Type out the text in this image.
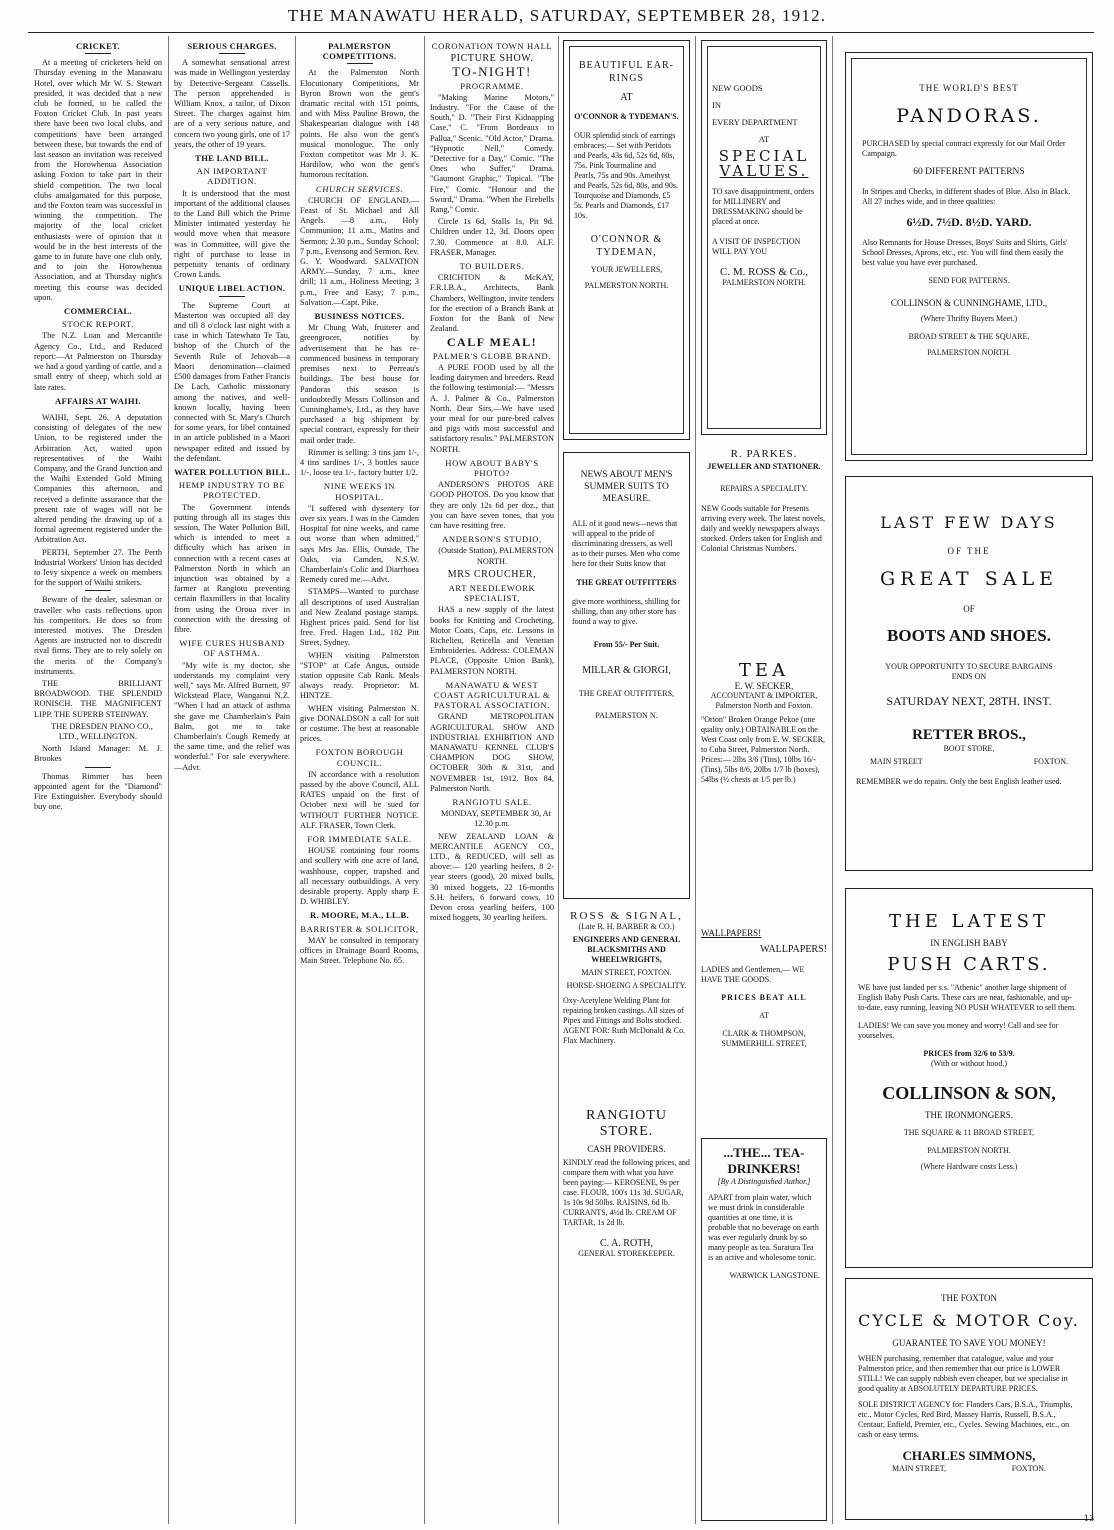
THE MANAWATU HERALD, SATURDAY, SEPTEMBER 28, 1912.
CRICKET.

At a meeting of cricketers held on Thursday evening in the Manawatu Hotel, over which Mr W. S. Stewart presided, it was decided that a new club be formed, to be called the Foxton Cricket Club. In past years there have been two local clubs, and competitions have been arranged between these, but towards the end of last season an invitation was received from the Horowhenua Association asking Foxton to take part in their shield competition. The two local clubs amalgamated for this purpose, and the Foxton team was successful in winning the competition. The majority of the local cricket enthusiasts were of opinion that it would be in the best interests of the game to in future have one club only, and to join the Horowhenua Association, and at Thursday night's meeting this course was decided upon.

COMMERCIAL.
STOCK REPORT.

The N.Z. Loan and Mercantile Agency Co., Ltd., and Reduced report:—At Palmerston on Thursday we had a good yarding of cattle, and a small entry of sheep, which sold at late rates.

AFFAIRS AT WAIHI.

WAIHI, Sept. 26. A deputation consisting of delegates of the new Union, to be registered under the Arbitration Act, waited upon representatives of the Waihi Company, and the Grand Junction and the Waihi Extended Gold Mining Companies this afternoon, and received a definite assurance that the present rate of wages will not be altered pending the drawing up of a formal agreement registered under the Arbitration Act.

PERTH, September 27. The Perth Industrial Workers' Union has decided to levy sixpence a week on members for the support of Waihi strikers.

Beware of the dealer, salesman or traveller who casts reflections upon his competitors. He does so from interested motives. The Dresden Agents are instructed not to discredit rival firms. They are to rely solely on the merits of the Company's instruments.

THE BRILLIANT BROADWOOD. THE SPLENDID RONISCH. THE MAGNIFICENT LIPP. THE SUPERB STEINWAY.

THE DRESDEN PIANO CO., LTD., WELLINGTON.

North Island Manager: M. J. Brookes

Thomas Rimmer has been appointed agent for the "Diamond" Fire Extinguisher. Everybody should buy one.

SERIOUS CHARGES.

A somewhat sensational arrest was made in Wellington yesterday by Detective-Sergeant Cassells. The person apprehended is William Knox, a tailor, of Dixon Street. The charges against him are of a very serious nature, and concern two young girls, one of 17 years, the other of 19 years.

THE LAND BILL.
AN IMPORTANT ADDITION.

It is understood that the most important of the additional clauses to the Land Bill which the Prime Minister intimated yesterday he would move when that measure was in Committee, will give the right of purchase to lease in perpetuity tenants of ordinary Crown Lands.

UNIQUE LIBEL ACTION.

The Supreme Court at Masterton was occupied all day and till 8 o'clock last night with a case in which Tatewhato Te Tau, bishop of the Church of the Seventh Rule of Jehovah—a Maori denomination—claimed £500 damages from Father Francis De Lach, Catholic missionary among the natives, and well-known locally, having been connected with St. Mary's Church for some years, for libel contained in an article published in a Maori newspaper edited and issued by the defendant.

WATER POLLUTION BILL.
HEMP INDUSTRY TO BE PROTECTED.

The Government intends putting through all its stages this session, The Water Pollution Bill, which is intended to meet a difficulty which has arisen in connection with a recent cases at Palmerston North in which an injunction was obtained by a farmer at Rangiotu preventing certain flaxmillers in that locality from using the Oroua river in connection with the dressing of fibre.

WIFE CURES HUSBAND OF ASTHMA.

"My wife is my doctor, she understands my complaint very well," says Mr. Alfred Burnett, 97 Wickstead Place, Wanganui N.Z. "When I had an attack of asthma she gave me Chamberlain's Pain Balm, got me to take Chamberlain's Cough Remedy at the same time, and the relief was wonderful." For sale everywhere.—Advt.

PALMERSTON COMPETITIONS.

At the Palmerston North Elocutionary Competitions, Mr Byron Brown won the gent's dramatic recital with 151 points, and with Miss Pauline Brown, the Shakespearian dialogue with 148 points. He also won the gent's musical monologue. The only Foxton competitor was Mr J. K. Hardilow, who won the gent's humorous recitation.

CHURCH SERVICES.

CHURCH OF ENGLAND.—Feast of St. Michael and All Angels. —8 a.m., Holy Communion; 11 a.m., Matins and Sermon; 2.30 p.m., Sunday School; 7 p.m., Evensong and Sermon. Rev. G. Y. Woodward. SALVATION ARMY.—Sunday, 7 a.m., knee drill; 11 a.m., Holiness Meeting; 3 p.m., Free and Easy; 7 p.m., Salvation.—Capt. Pike.

BUSINESS NOTICES.

Mr Chung Wah, fruiterer and greengrocer, notifies by advertisement that he has re-commenced business in temporary premises next to Perreau's buildings. The best house for Pandoras this season is undoubtedly Messrs Collinson and Cunninghame's, Ltd., as they have purchased a big shipment by special contract, expressly for their mail order trade.

Rimmer is selling: 3 tins jam 1/-, 4 tins sardines 1/-, 3 bottles sauce 1/-, loose tea 1/-, factory butter 1/2.

NINE WEEKS IN HOSPITAL.

"I suffered with dysentery for over six years. I was in the Camden Hospital for nine weeks, and came out worse than when admitted," says Mrs Jas. Ellis, Outside, The Oaks, via Camden, N.S.W. Chamberlain's Colic and Diarrhoea Remedy cured me.—Advt.

STAMPS—Wanted to purchase all descriptions of used Australian and New Zealand postage stamps. Highest prices paid. Send for list free. Fred. Hagen Ltd., 182 Pitt Street, Sydney.

WHEN visiting Palmerston "STOP" at Cafe Angus, outside station opposite Cab Rank. Meals always ready. Proprietor: M. HINTZE.

WHEN visiting Palmerston N. give DONALDSON a call for suit or costume. The best at reasonable prices.

FOXTON BOROUGH COUNCIL.

IN accordance with a resolution passed by the above Council, ALL RATES unpaid on the first of October next will be sued for WITHOUT FURTHER NOTICE. ALF. FRASER, Town Clerk.

FOR IMMEDIATE SALE.

HOUSE containing four rooms and scullery with one acre of land, washhouse, copper, trapshed and all necessary outbuildings. A very desirable property. Apply sharp F. D. WHIBLEY.

R. MOORE, M.A., LL.B.
BARRISTER & SOLICITOR,

MAY be consulted in temporary offices in Drainage Board Rooms, Main Street. Telephone No. 65.

CORONATION TOWN HALL
PICTURE SHOW.
TO-NIGHT!
PROGRAMME.

"Making Marine Motors," Industry. "For the Cause of the South," D. "Their First Kidnapping Case," C. "From Bordeaux to Pallua," Scenic. "Old Actor," Drama. "Hypnotic Nell," Comedy. "Detective for a Day," Comic. "The Ones who Suffer," Drama. "Gaumont Graphic," Topical. "The Fire," Comic. "Honour and the Sword," Drama. "When the Firebells Rang," Comic.

Circle 1s 6d, Stalls 1s, Pit 9d. Children under 12, 3d. Doors open 7.30. Commence at 8.0. ALF. FRASER, Manager.

TO BUILDERS.

CRICHTON & McKAY, F.R.I.B.A., Architects, Bank Chambers, Wellington, invite tenders for the erection of a Branch Bank at Foxton for the Bank of New Zealand.

CALF MEAL!
PALMER'S GLOBE BRAND.

A PURE FOOD used by all the leading dairymen and breeders. Read the following testimonial:— "Messrs A. J. Palmer & Co., Palmerston North. Dear Sirs,—We have used your meal for our pure-bred calves and pigs with most successful and satisfactory results." PALMERSTON NORTH.

HOW ABOUT BABY'S PHOTO?

ANDERSON'S PHOTOS ARE GOOD PHOTOS. Do you know that they are only 12s 6d per doz., that you can have seven tones, that you can have resitting free.

ANDERSON'S STUDIO,

(Outside Station), PALMERSTON NORTH.

MRS CROUCHER,
ART NEEDLEWORK SPECIALIST,

HAS a new supply of the latest books for Knitting and Crocheting, Motor Coats, Caps, etc. Lessons in Richelieu, Reticella and Venetian Embroideries. Address: COLEMAN PLACE, (Opposite Union Bank), PALMERSTON NORTH.

MANAWATU & WEST COAST AGRICULTURAL & PASTORAL ASSOCIATION.

GRAND METROPOLITAN AGRICULTURAL SHOW AND INDUSTRIAL EXHIBITION AND MANAWATU KENNEL CLUB'S CHAMPION DOG SHOW, OCTOBER 30th & 31st, and NOVEMBER 1st, 1912. Box 84, Palmerston North.

RANGIOTU SALE.

MONDAY, SEPTEMBER 30, At 12.30 p.m.

NEW ZEALAND LOAN & MERCANTILE AGENCY CO., LTD., & REDUCED, will sell as above:— 120 yearling heifers, 8 2-year steers (good), 20 mixed bulls, 30 mixed hoggets, 22 16-months S.H. heifers, 6 forward cows, 10 Devon cross yearling heifers, 100 mixed hoggets, 30 yearling heifers.

BEAUTIFUL EAR-RINGS
AT
O'CONNOR & TYDEMAN'S.
OUR splendid stock of earrings embraces:— Set with Peridots and Pearls, 43s 6d, 52s 6d, 60s, 75s. Pink Tourmaline and Pearls, 75s and 90s. Amethyst and Pearls, 52s 6d, 80s, and 90s. Tourquoise and Diamonds, £5 5s. Pearls and Diamonds, £17 10s.
O'CONNOR & TYDEMAN,
YOUR JEWELLERS,
PALMERSTON NORTH.
NEWS ABOUT MEN'S SUMMER SUITS TO MEASURE.
ALL of it good news—news that will appeal to the pride of discriminating dressers, as well as to their purses. Men who come here for their Suits know that
THE GREAT OUTFITTERS
give more worthiness, shilling for shilling, than any other store has found a way to give.
From 55/- Per Suit.
MILLAR & GIORGI,
THE GREAT OUTFITTERS,
PALMERSTON N.
ROSS & SIGNAL,
(Late R. H. BARBER & CO.)
ENGINEERS AND GENERAL BLACKSMITHS AND WHEELWRIGHTS,
MAIN STREET, FOXTON.
HORSE-SHOEING A SPECIALITY.
Oxy-Acetylene Welding Plant for repairing broken castings. All sizes of Pipes and Fittings and Bolts stocked. AGENT FOR: Ruth McDonald & Co. Flax Machinery.
RANGIOTU STORE.
CASH PROVIDERS.
KINDLY read the following prices, and compare them with what you have been paying:— KEROSENE, 9s per case. FLOUR, 100's 11s 3d. SUGAR, 1s 10s 9d 50lbs. RAISINS, 6d lb. CURRANTS, 4½d lb. CREAM OF TARTAR, 1s 2d lb.
C. A. ROTH,
GENERAL STOREKEEPER.
NEW GOODS
IN
EVERY DEPARTMENT
AT
SPECIAL
VALUES.
TO save disappointment, orders for MILLINERY and DRESSMAKING should be placed at once.
A VISIT OF INSPECTION WILL PAY YOU
C. M. ROSS & Co.,
PALMERSTON NORTH.
R. PARKES.
JEWELLER AND STATIONER.
REPAIRS A SPECIALITY.
NEW Goods suitable for Presents arriving every week. The latest novels, daily and weekly newspapers always stocked. Orders taken for English and Colonial Christmas Numbers.
TEA
E. W. SECKER,
ACCOUNTANT & IMPORTER,
Palmerston North and Foxton.
"Orion" Broken Orange Pekoe (one quality only.) OBTAINABLE on the West Coast only from E. W. SECKER, to Cuba Street, Palmerston North. Prices:— 2lbs 3/6 (Tins), 10lbs 16/- (Tins), 5lbs 8/6, 20lbs 1/7 lb (boxes), 54lbs (½ chests at 1/5 per lb.)
WALLPAPERS!
WALLPAPERS!
LADIES and Gentlemen,— WE HAVE THE GOODS.
PRICES BEAT ALL
AT
CLARK & THOMPSON,
SUMMERHILL STREET,
...THE... TEA-DRINKERS!
[By A Distinguished Author.]
APART from plain water, which we must drink in considerable quantities at one time, it is probable that no beverage on earth was ever regularly drunk by so many people as tea. Suratura Tea is an active and wholesome tonic.
WARWICK LANGSTONE.
THE WORLD'S BEST
PANDORAS.
PURCHASED by special contract expressly for our Mail Order Campaign.
60 DIFFERENT PATTERNS
In Stripes and Checks, in different shades of Blue. Also in Black. All 27 inches wide, and in three qualities:
6½D. 7½D. 8½D. YARD.
Also Remnants for House Dresses, Boys' Suits and Shirts, Girls' School Dresses, Aprons, etc., etc. You will find them easily the best value you have ever purchased.
SEND FOR PATTERNS.
COLLINSON & CUNNINGHAME, LTD.,
(Where Thrifty Buyers Meet.)
BROAD STREET & THE SQUARE,
PALMERSTON NORTH.
LAST FEW DAYS
OF THE
GREAT SALE
OF
BOOTS AND SHOES.
YOUR OPPORTUNITY TO SECURE BARGAINS ENDS ON
SATURDAY NEXT, 28TH. INST.
RETTER BROS.,
BOOT STORE,
MAIN STREET	FOXTON.
REMEMBER we do repairs. Only the best English leather used.
THE LATEST
IN ENGLISH BABY
PUSH CARTS.
WE have just landed per s.s. "Athenic" another large shipment of English Baby Push Carts. These cars are neat, fashionable, and up-to-date, easy running, leaving NO PUSH WHATEVER to sell them.
LADIES! We can save you money and worry! Call and see for yourselves.
PRICES from 32/6 to 53/9.
(With or without hood.)
COLLINSON & SON,
THE IRONMONGERS.
THE SQUARE & 11 BROAD STREET,
PALMERSTON NORTH.
(Where Hardware costs Less.)
THE FOXTON
CYCLE & MOTOR Coy.
GUARANTEE TO SAVE YOU MONEY!
WHEN purchasing, remember that catalogue, value and your Palmerston price, and then remember that our price is LOWER STILL! We can supply rubbish even cheaper, but we specialise in good quality at ABSOLUTELY DEPARTURE PRICES.
SOLE DISTRICT AGENCY for: Flanders Cars, B.S.A., Triumphs, etc., Motor Cycles, Red Bird, Massey Harris, Russell, B.S.A., Centaur, Enfield, Premier, etc., Cycles. Sewing Machines, etc., on cash or easy terms.
CHARLES SIMMONS,
MAIN STREET,	FOXTON.
13
